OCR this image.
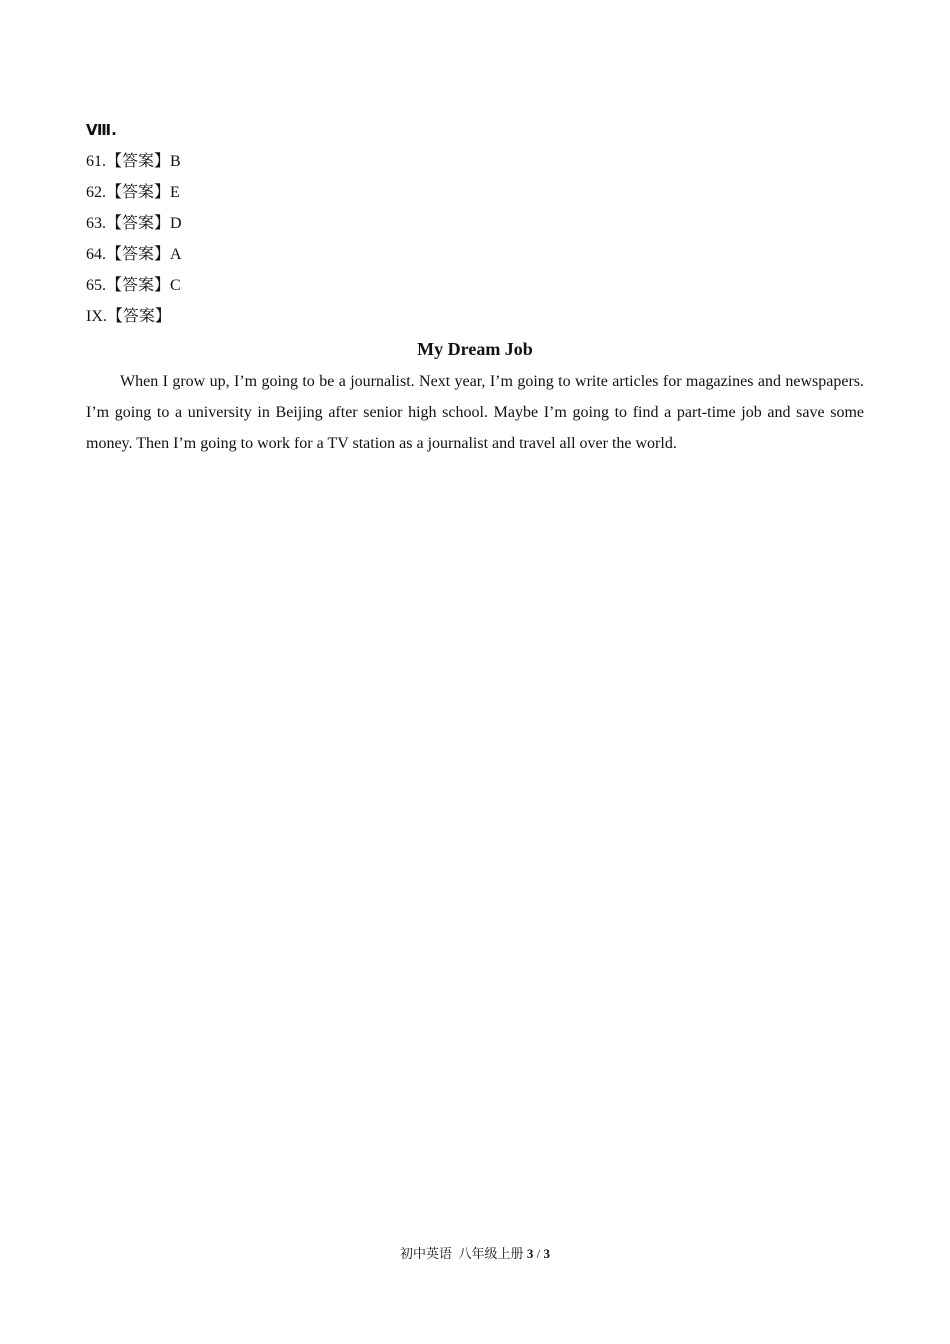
Ⅷ.
61.【答案】B
62.【答案】E
63.【答案】D
64.【答案】A
65.【答案】C
IX.【答案】
My Dream Job

When I grow up, I’m going to be a journalist. Next year, I’m going to write articles for magazines and newspapers. I’m going to a university in Beijing after senior high school. Maybe I’m going to find a part-time job and save some money. Then I’m going to work for a TV station as a journalist and travel all over the world.

初中英语  八年级上册 3 / 3
